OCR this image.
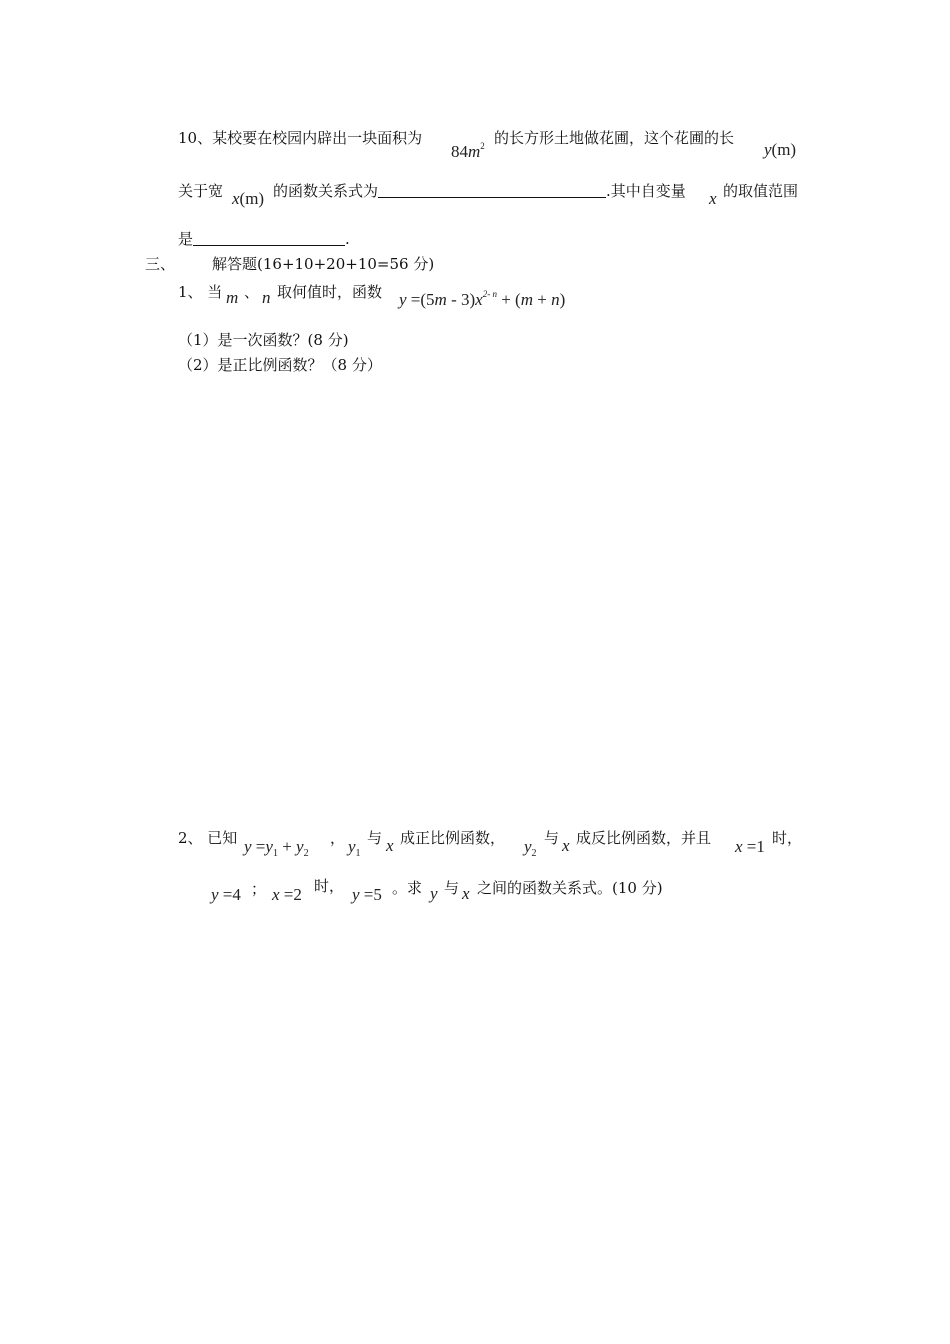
10、某校要在校园内辟出一块面积为
$84m^2$ 的长方形土地做花圃，这个花圃的长
y(m)
关于宽 x(m) 的函数关系式为	.其中自变量 x 的取值范围
是	.
三、 解答题(16+10+20+10=56 分)
1、 当 m 、 n 取何值时，函数 $y =(5m - 3)x^{2- n} + (m + n)$
（1）是一次函数？(8 分)
（2）是正比例函数？（8 分）
2、 已知 $y =y_1 + y_2$
， $y_1$
与 x 成正比例函数， $y_2$
与 x 成反比例函数，并且 x =1 时，
y =4 ； x =2 时， y =5 。求 y 与 x 之间的函数关系式。(10 分)
